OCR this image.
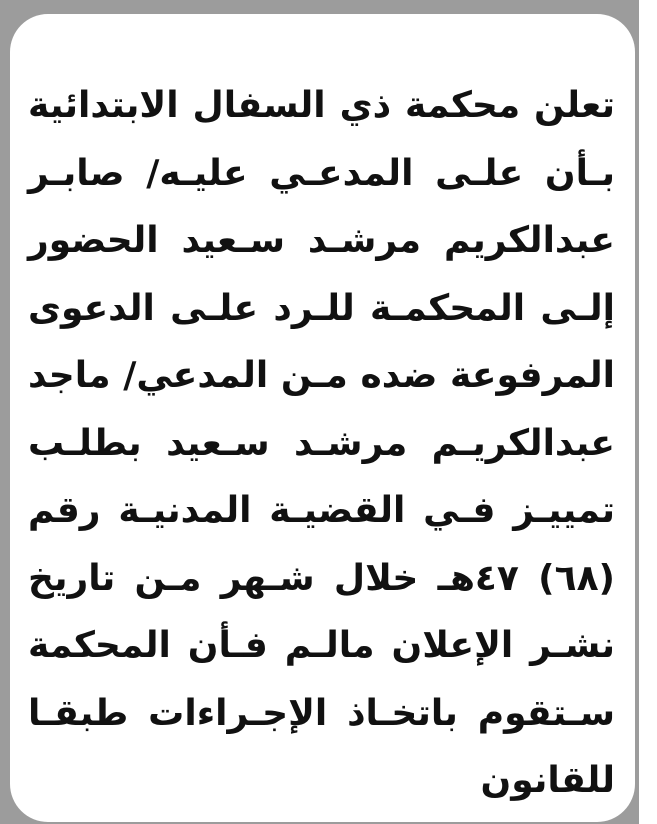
تعلن محكمة ذي السفال الابتدائية
بـأن علـى المدعـي عليـه/ صابـر
عبدالكريم مرشـد سـعيد الحضور
إلـى المحكمـة للـرد علـى الدعوى
المرفوعة ضده مـن المدعي/ ماجد
عبدالكريـم مرشـد سـعيد بطلـب
تمييـز فـي القضيـة المدنيـة رقم
(٦٨) ٤٧هـ خلال شـهر مـن تاريخ
نشـر الإعلان مالـم فـأن المحكمة
سـتقوم باتخـاذ الإجـراءات طبقـا
للقانون
